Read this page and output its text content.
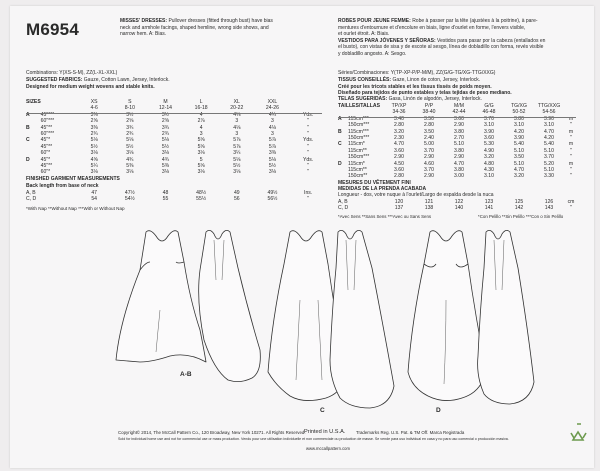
M6954	MISSES' DRESSES: Pullover dresses (fitted through bust) have bias
neck and armhole facings, shaped hemline, wrong side shows, and
narrow hem. A: Bias.
ROBES POUR JEUNE FEMME: Robe à passer par la tête (ajustées à la poitrine), à pare-
mentures d'entournure et d'encolure en biais, ligne d'ourlet en forme, l'envers visible,
et ourlet étroit. A: Biais.
VESTIDOS PARA JÓVENES Y SEÑORAS: Vestidos para pasar por la cabeza (entallados en
el busto), con vistas de sisa y de escote al sesgo, línea de dobladillo con forma, revés visible
y dobladillo angosto. A: Sesgo.
Combinations: Y(XS-S-M), ZZ(L-XL-XXL)
SUGGESTED FABRICS: Gauze, Cotton Lawn, Jersey, Interlock.
Designed for medium weight wovens and stable knits.
Séries/Combinaciones: Y(TP-XP-P/P-M/M), ZZ(G/G-TG/XG-TTG/XXG)
TISSUS CONSEILLÉS: Gaze, Linon de coton, Jersey, Interlock.
Créé pour les tricots stables et les tissus tissés de poids moyen.
Diseñado para tejidos de punto estables y telas tejidas de peso mediano.
TELAS SUGERIDAS: Gasa, Linón de algodón, Jersey, Interlock.
SIZES		XS	S	M	L	XL	XXL	
		4-6	8-10	12-14	16-18	20-22	24-26	
A	45"***	3⅜	3½	3½	4	4⅛	4¼	Yds.
	60"***	2⅝	2⅝	2⅝	2⅞	3	3	"
B	45"**	3⅜	3¾	3¾	4	4⅛	4⅛	"
	60"***	2¾	2¾	2¾	3	3	3	"
C	45"*	5⅛	5⅛	5⅛	5⅝	5⅞	5⅞	Yds.
	45"**	5½	5½	5½	5⅝	5⅞	5⅞	"
	60"*	3⅛	3⅛	3⅛	3⅛	3¼	3⅜	"
D	45"*	4⅝	4¾	4¾	5	5⅛	5⅛	Yds.
	45"**	5¼	5⅜	5⅜	5⅝	5½	5½	"
	60"*	3⅛	3⅛	3⅛	3⅛	3⅛	3⅛	"
FINISHED GARMENT MEASUREMENTS
Back length from base of neck
A, B	47	47½	48	48½	49	49½	Ins.
C, D	54	54½	55	55½	56	56½	"
*With Nap **Without Nap ***With or Without Nap
TAILLES/TALLAS		TP/XP	P/P	M/M	G/G	TG/XG	TTG/XXG	
		34-36	38-40	42-44	46-48	50-52	54-56	
A	115cm***	3.40	3.50	3.60	3.70	3.80	3.90	m
	150cm***	2.80	2.80	2.90	3.10	3.10	3.10	"
B	115cm***	3.20	3.50	3.80	3.90	4.20	4.70	m
	150cm***	2.30	2.40	2.70	3.60	3.90	4.20	"
C	115cm*	4.70	5.00	5.10	5.30	5.40	5.40	m
	115cm**	3.60	3.70	3.80	4.90	5.10	5.10	"
	150cm***	2.90	2.90	2.90	3.20	3.50	3.70	"
D	115cm*	4.50	4.60	4.70	4.80	5.10	5.20	m
	115cm**	3.60	3.70	3.80	4.30	4.70	5.10	"
	150cm**	2.80	2.90	3.00	3.10	3.20	3.30	"
MESURES DU VÊTEMENT FINI
MEDIDAS DE LA PRENDA ACABADA
Longueur - dos, votre nuque à l'ourlet/Largo de espalda desde la nuca
A, B	120	121	122	123	125	126	cm
C, D	137	138	140	141	142	143	"
*Avec Sens **Sans Sens ***Avec ou Sans Sens	*Con Pelillo **Sin Pelillo ***Con o Sin Pelillo
A-B
C	D
Copyright© 2014, The McCall Pattern Co., 120 Broadway, New York 10271. All Rights Reserved.
Printed in U.S.A. Trademarks Reg. U.S. Pat. & TM Off. Marca Registrada
Sold for individual home use and not for commercial use or mass production. Vendu pour une utilisation individuelle et non commerciale ou production de masse. Se vende para uso individual en casa y no para uso comercial o producción masiva.
www.mccallpattern.com
